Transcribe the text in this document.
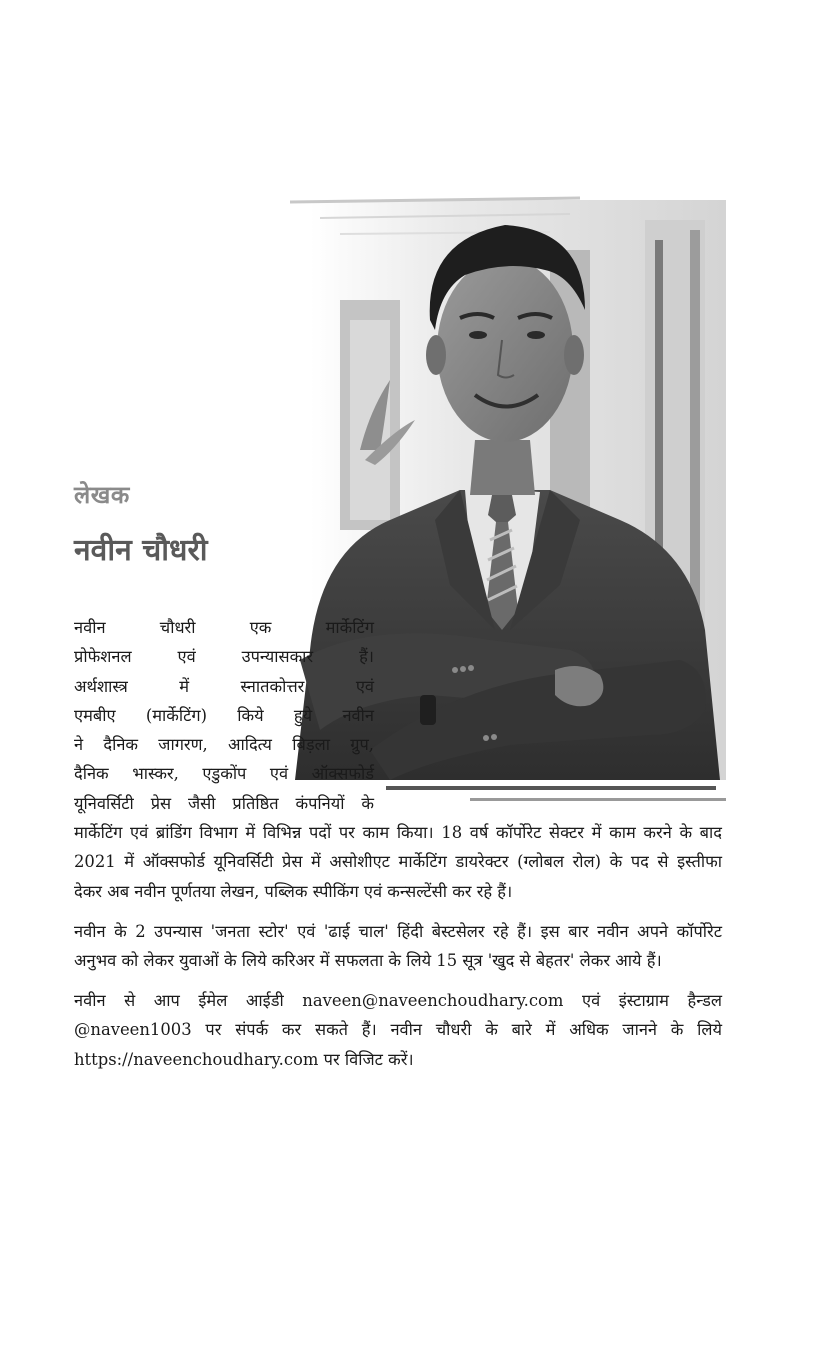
लेखक
नवीन चौधरी
नवीन चौधरी एक मार्केटिंग
प्रोफेशनल एवं उपन्यासकार हैं।
अर्थशास्त्र में स्नातकोत्तर एवं
एमबीए (मार्केटिंग) किये हुये नवीन
ने दैनिक जागरण, आदित्य बिड़ला ग्रुप,
दैनिक भास्कर, एडुकोंप एवं ऑक्सफोर्ड
यूनिवर्सिटी प्रेस जैसी प्रतिष्ठित कंपनियों के
मार्केटिंग एवं ब्रांडिंग विभाग में विभिन्न पदों पर काम किया। 18 वर्ष कॉर्पोरेट सेक्टर में काम करने के बाद
2021 में ऑक्सफोर्ड यूनिवर्सिटी प्रेस में असोशीएट मार्केटिंग डायरेक्टर (ग्लोबल रोल) के पद से इस्तीफा
देकर अब नवीन पूर्णतया लेखन, पब्लिक स्पीकिंग एवं कन्सल्टेंसी कर रहे हैं।
नवीन के 2 उपन्यास 'जनता स्टोर' एवं 'ढाई चाल' हिंदी बेस्टसेलर रहे हैं। इस बार नवीन अपने कॉर्पोरेट
अनुभव को लेकर युवाओं के लिये करिअर में सफलता के लिये 15 सूत्र 'खुद से बेहतर' लेकर आये हैं।
नवीन से आप ईमेल आईडी naveen@naveenchoudhary.com एवं इंस्टाग्राम हैन्डल
@naveen1003 पर संपर्क कर सकते हैं। नवीन चौधरी के बारे में अधिक जानने के लिये
https://naveenchoudhary.com पर विजिट करें।
